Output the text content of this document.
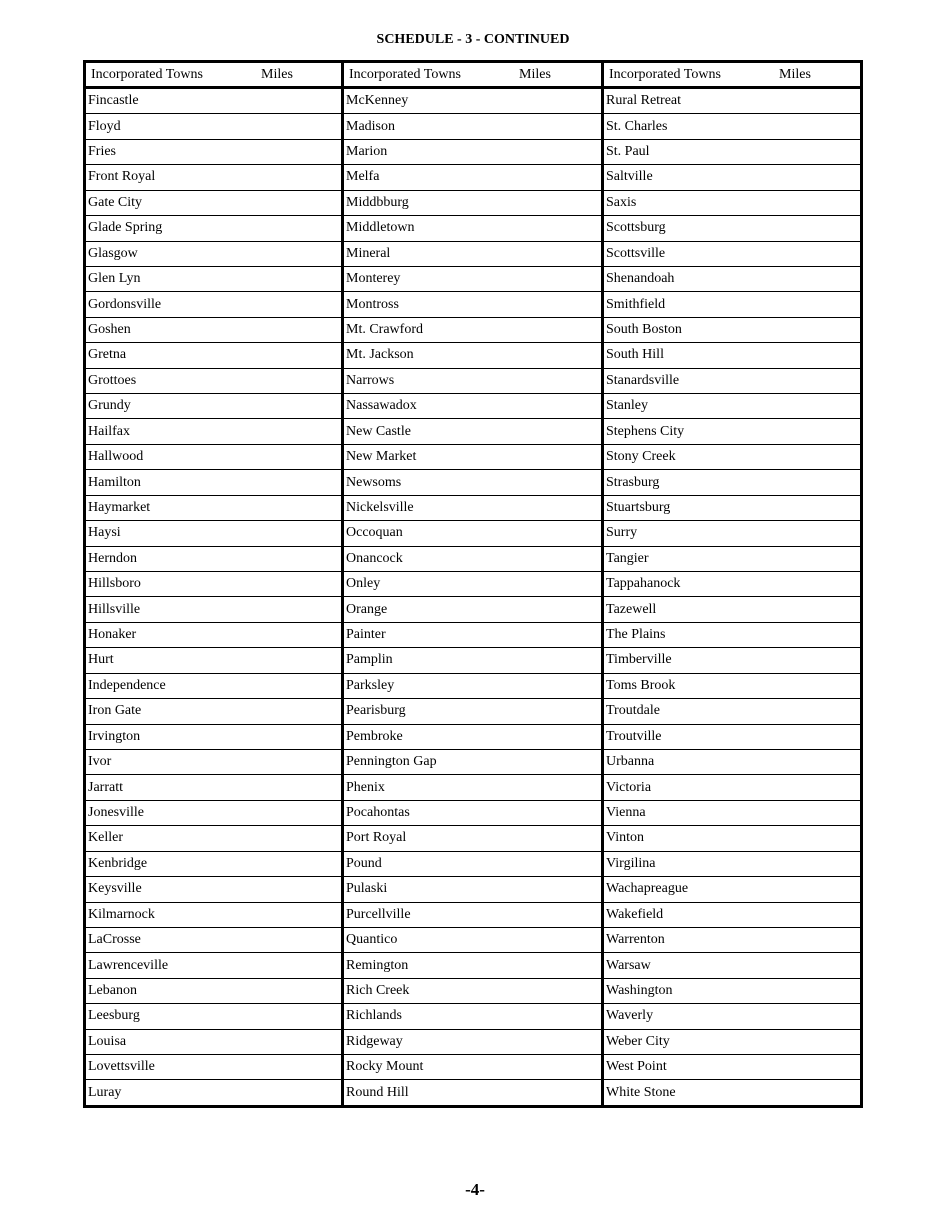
SCHEDULE - 3 - CONTINUED
Incorporated Towns	Miles
Fincastle
Floyd
Fries
Front Royal
Gate City
Glade Spring
Glasgow
Glen Lyn
Gordonsville
Goshen
Gretna
Grottoes
Grundy
Hailfax
Hallwood
Hamilton
Haymarket
Haysi
Herndon
Hillsboro
Hillsville
Honaker
Hurt
Independence
Iron Gate
Irvington
Ivor
Jarratt
Jonesville
Keller
Kenbridge
Keysville
Kilmarnock
LaCrosse
Lawrenceville
Lebanon
Leesburg
Louisa
Lovettsville
Luray
Incorporated Towns	Miles
McKenney
Madison
Marion
Melfa
Middbburg
Middletown
Mineral
Monterey
Montross
Mt. Crawford
Mt. Jackson
Narrows
Nassawadox
New Castle
New Market
Newsoms
Nickelsville
Occoquan
Onancock
Onley
Orange
Painter
Pamplin
Parksley
Pearisburg
Pembroke
Pennington Gap
Phenix
Pocahontas
Port Royal
Pound
Pulaski
Purcellville
Quantico
Remington
Rich Creek
Richlands
Ridgeway
Rocky Mount
Round Hill
Incorporated Towns	Miles
Rural Retreat
St. Charles
St. Paul
Saltville
Saxis
Scottsburg
Scottsville
Shenandoah
Smithfield
South Boston
South Hill
Stanardsville
Stanley
Stephens City
Stony Creek
Strasburg
Stuartsburg
Surry
Tangier
Tappahanock
Tazewell
The Plains
Timberville
Toms Brook
Troutdale
Troutville
Urbanna
Victoria
Vienna
Vinton
Virgilina
Wachapreague
Wakefield
Warrenton
Warsaw
Washington
Waverly
Weber City
West Point
White Stone
-4-
